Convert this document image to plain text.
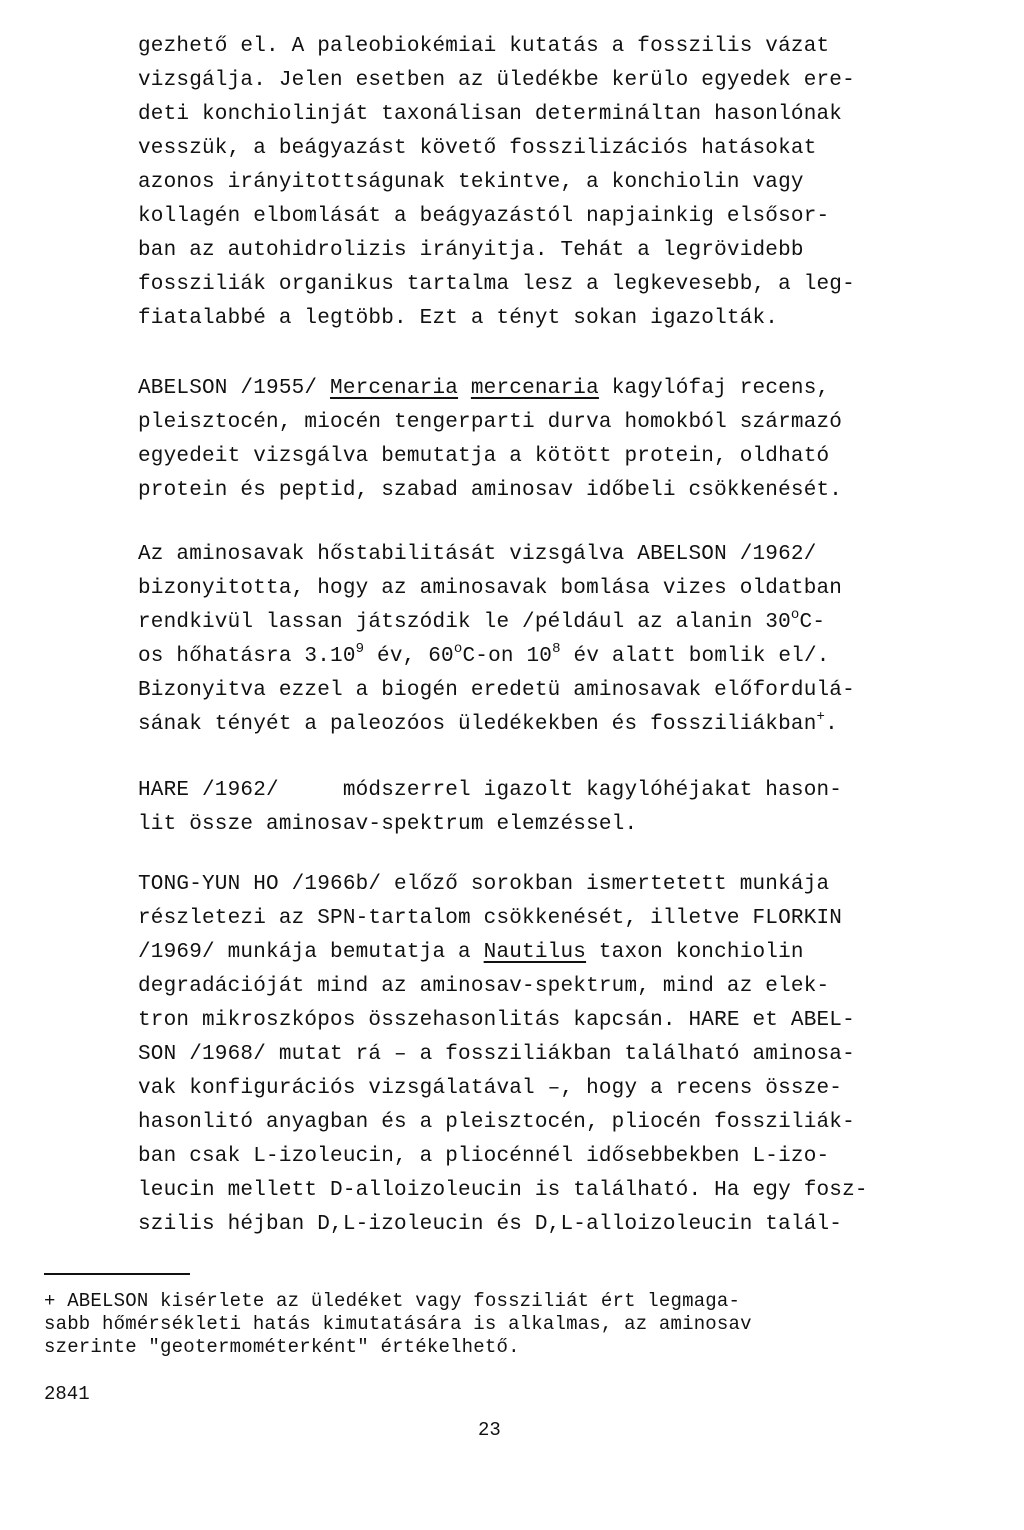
gezhető el. A paleobiokémiai kutatás a fosszilis vázat
vizsgálja. Jelen esetben az üledékbe kerülo egyedek ere-
deti konchiolinját taxonálisan determináltan hasonlónak
vesszük, a beágyazást követő fosszilizációs hatásokat
azonos irányitottságunak tekintve, a konchiolin vagy
kollagén elbomlását a beágyazástól napjainkig elsősor-
ban az autohidrolizis irányitja. Tehát a legrövidebb
fossziliák organikus tartalma lesz a legkevesebb, a leg-
fiatalabbé a legtöbb. Ezt a tényt sokan igazolták.
ABELSON /1955/ Mercenaria mercenaria kagylófaj recens,
pleisztocén, miocén tengerparti durva homokból származó
egyedeit vizsgálva bemutatja a kötött protein, oldható
protein és peptid, szabad aminosav időbeli csökkenését.
Az aminosavak hőstabilitását vizsgálva ABELSON /1962/
bizonyitotta, hogy az aminosavak bomlása vizes oldatban
rendkivül lassan játszódik le /például az alanin 30$^o$C-
os hőhatásra 3.10$^9$ év, 60$^o$C-on $10^8$ év alatt bomlik el/.
Bizonyitva ezzel a biogén eredetü aminosavak előfordulá-
sának tényét a paleozóos üledékekben és fossziliákban+.
HARE /1962/     módszerrel igazolt kagylóhéjakat hason-
lit össze aminosav-spektrum elemzéssel.
TONG-YUN HO /1966b/ előző sorokban ismertetett munkája
részletezi az SPN-tartalom csökkenését, illetve FLORKIN
/1969/ munkája bemutatja a Nautilus taxon konchiolin
degradációját mind az aminosav-spektrum, mind az elek-
tron mikroszkópos összehasonlitás kapcsán. HARE et ABEL-
SON /1968/ mutat rá – a fossziliákban található aminosa-
vak konfigurációs vizsgálatával –, hogy a recens össze-
hasonlitó anyagban és a pleisztocén, pliocén fossziliák-
ban csak L-izoleucin, a pliocénnél idősebbekben L-izo-
leucin mellett D-alloizoleucin is található. Ha egy fosz-
szilis héjban D,L-izoleucin és D,L-alloizoleucin talál-
+ ABELSON kisérlete az üledéket vagy fossziliát ért legmaga-
sabb hőmérsékleti hatás kimutatására is alkalmas, az aminosav
szerinte "geotermométerként" értékelhető.
2841
23
